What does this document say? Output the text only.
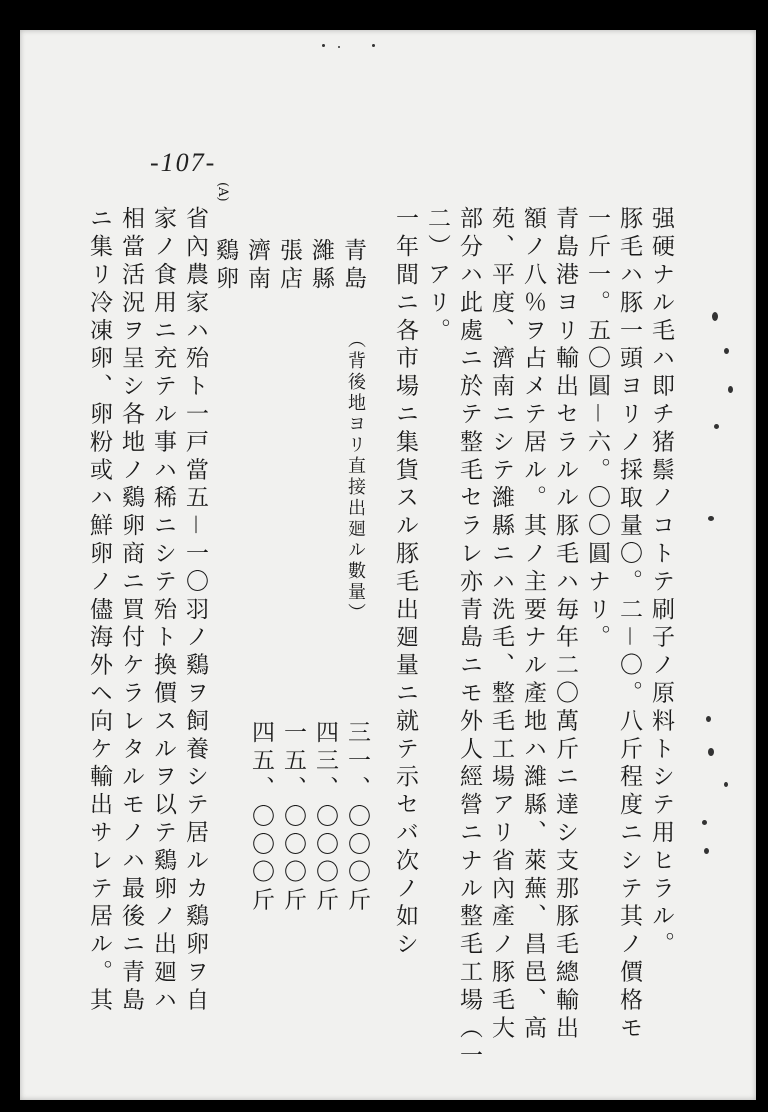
-107-
强硬ナル毛ハ即チ猪鬃ノコトテ刷子ノ原料トシテ用ヒラル。
豚毛ハ豚一頭ヨリノ採取量〇。二－〇。八斤程度ニシテ其ノ價格モ
一斤一。五〇圓－六。〇〇圓ナリ。
青島港ヨリ輸出セラルル豚毛ハ毎年二〇萬斤ニ達シ支那豚毛總輸出
額ノ八％ヲ占メテ居ル。其ノ主要ナル產地ハ濰縣、萊蕪、昌邑、高
苑、平度、濟南ニシテ濰縣ニハ洗毛、整毛工場アリ省內產ノ豚毛大
部分ハ此處ニ於テ整毛セラレ亦青島ニモ外人經營ニナル整毛工場（一
二）アリ。
一年間ニ各市場ニ集貨スル豚毛出廻量ニ就テ示セバ次ノ如シ
青島
濰縣
張店
濟南
（背後地ヨリ直接出廻ル數量）
三一、〇〇〇斤
四三、〇〇〇斤
一五、〇〇〇斤
四五、〇〇〇斤
(A)
鷄卵
省內農家ハ殆ト一戸當五－一〇羽ノ鷄ヲ飼養シテ居ルカ鷄卵ヲ自
家ノ食用ニ充テル事ハ稀ニシテ殆ト換價スルヲ以テ鷄卵ノ出廻ハ
相當活況ヲ呈シ各地ノ鷄卵商ニ買付ケラレタルモノハ最後ニ青島
ニ集リ冷凍卵、卵粉或ハ鮮卵ノ儘海外ヘ向ケ輸出サレテ居ル。其
